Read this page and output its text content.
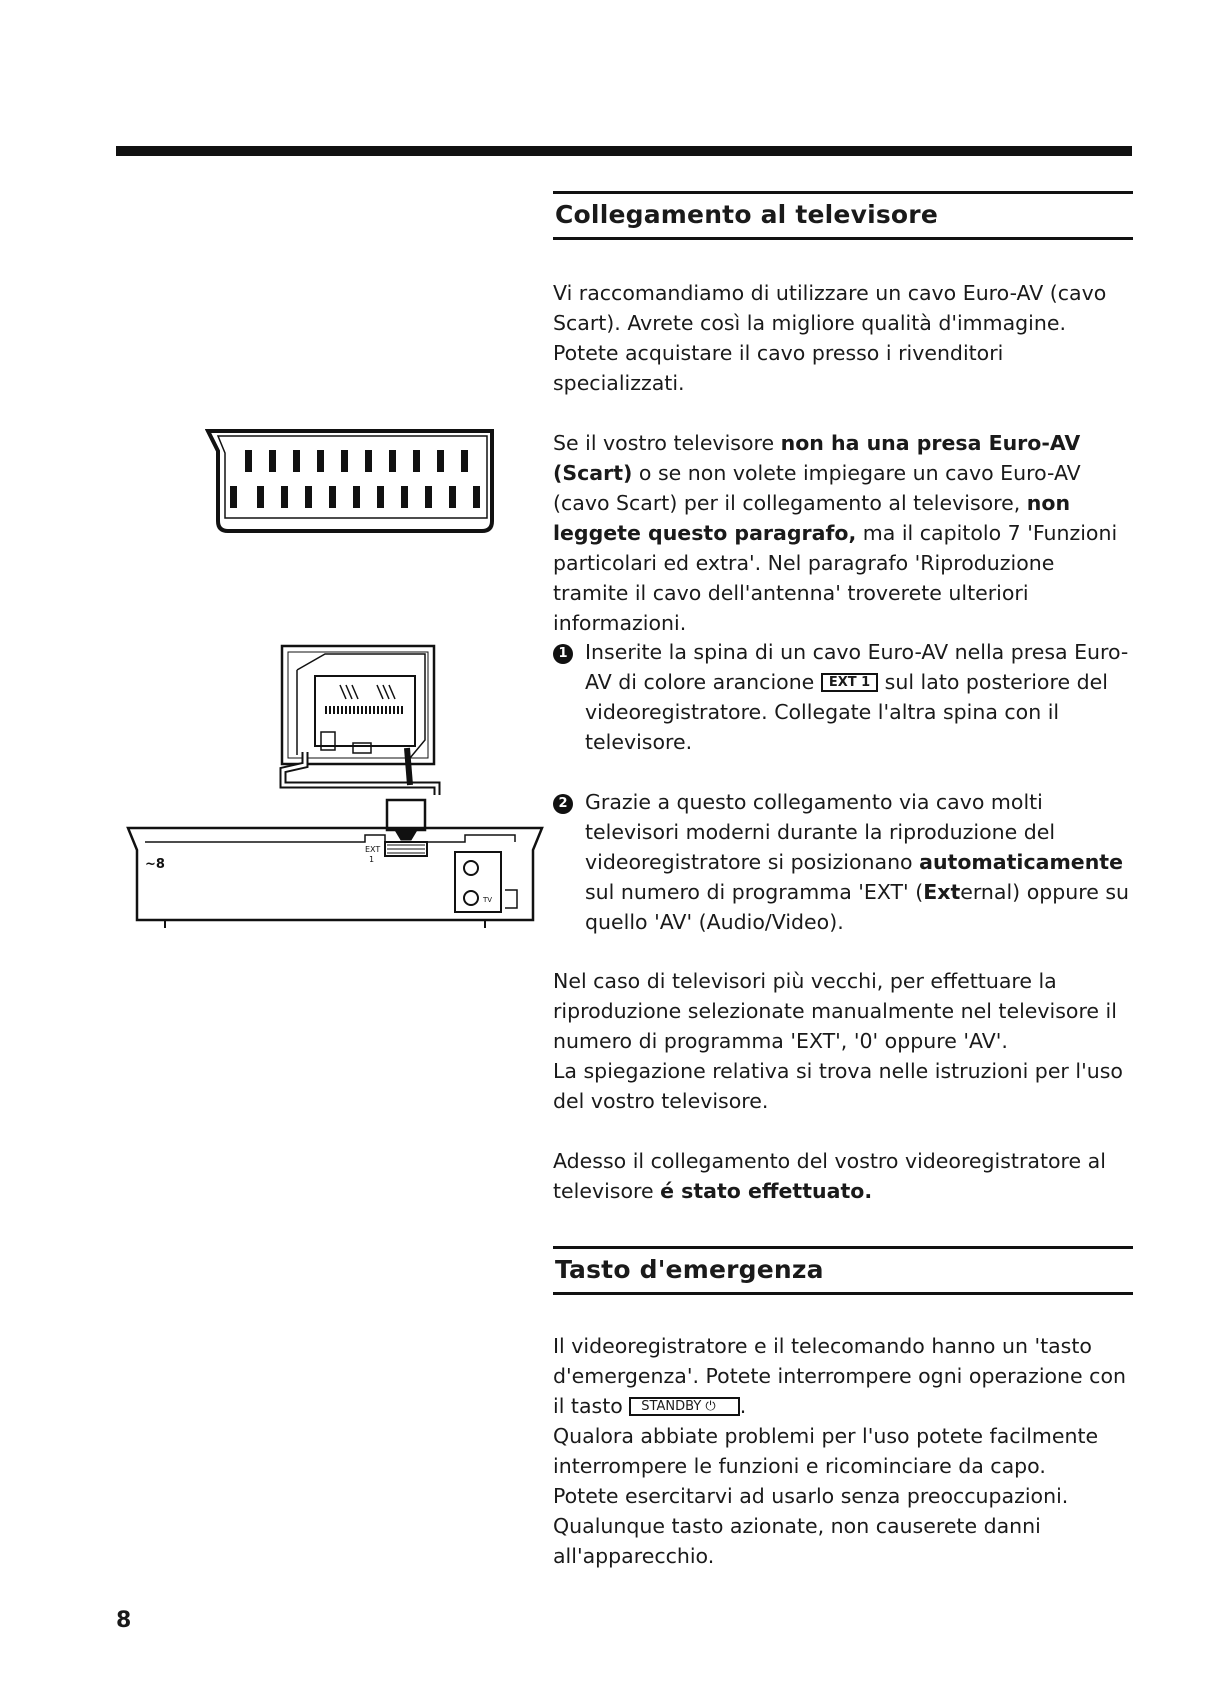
Collegamento al televisore

Vi raccomandiamo di utilizzare un cavo Euro-AV (cavo Scart). Avrete così la migliore qualità d'immagine. Potete acquistare il cavo presso i rivenditori specializzati.

Se il vostro televisore non ha una presa Euro-AV (Scart) o se non volete impiegare un cavo Euro-AV (cavo Scart) per il collegamento al televisore, non leggete questo paragrafo, ma il capitolo 7 'Funzioni particolari ed extra'. Nel paragrafo 'Riproduzione tramite il cavo dell'antenna' troverete ulteriori informazioni.

1 Inserite la spina di un cavo Euro-AV nella presa Euro-AV di colore arancione EXT 1 sul lato posteriore del videoregistratore. Collegate l'altra spina con il televisore.

2 Grazie a questo collegamento via cavo molti televisori moderni durante la riproduzione del videoregistratore si posizionano automaticamente sul numero di programma 'EXT' (External) oppure su quello 'AV' (Audio/Video).

Nel caso di televisori più vecchi, per effettuare la riproduzione selezionate manualmente nel televisore il numero di programma 'EXT', '0' oppure 'AV'.

La spiegazione relativa si trova nelle istruzioni per l'uso del vostro televisore.

Adesso il collegamento del vostro videoregistratore al televisore é stato effettuato.

Tasto d'emergenza

Il videoregistratore e il telecomando hanno un 'tasto d'emergenza'. Potete interrompere ogni operazione con il tasto STANDBY ⏻ .

Qualora abbiate problemi per l'uso potete facilmente interrompere le funzioni e ricominciare da capo.

Potete esercitarvi ad usarlo senza preoccupazioni. Qualunque tasto azionate, non causerete danni all'apparecchio.

~8
EXT
1
TV
8
